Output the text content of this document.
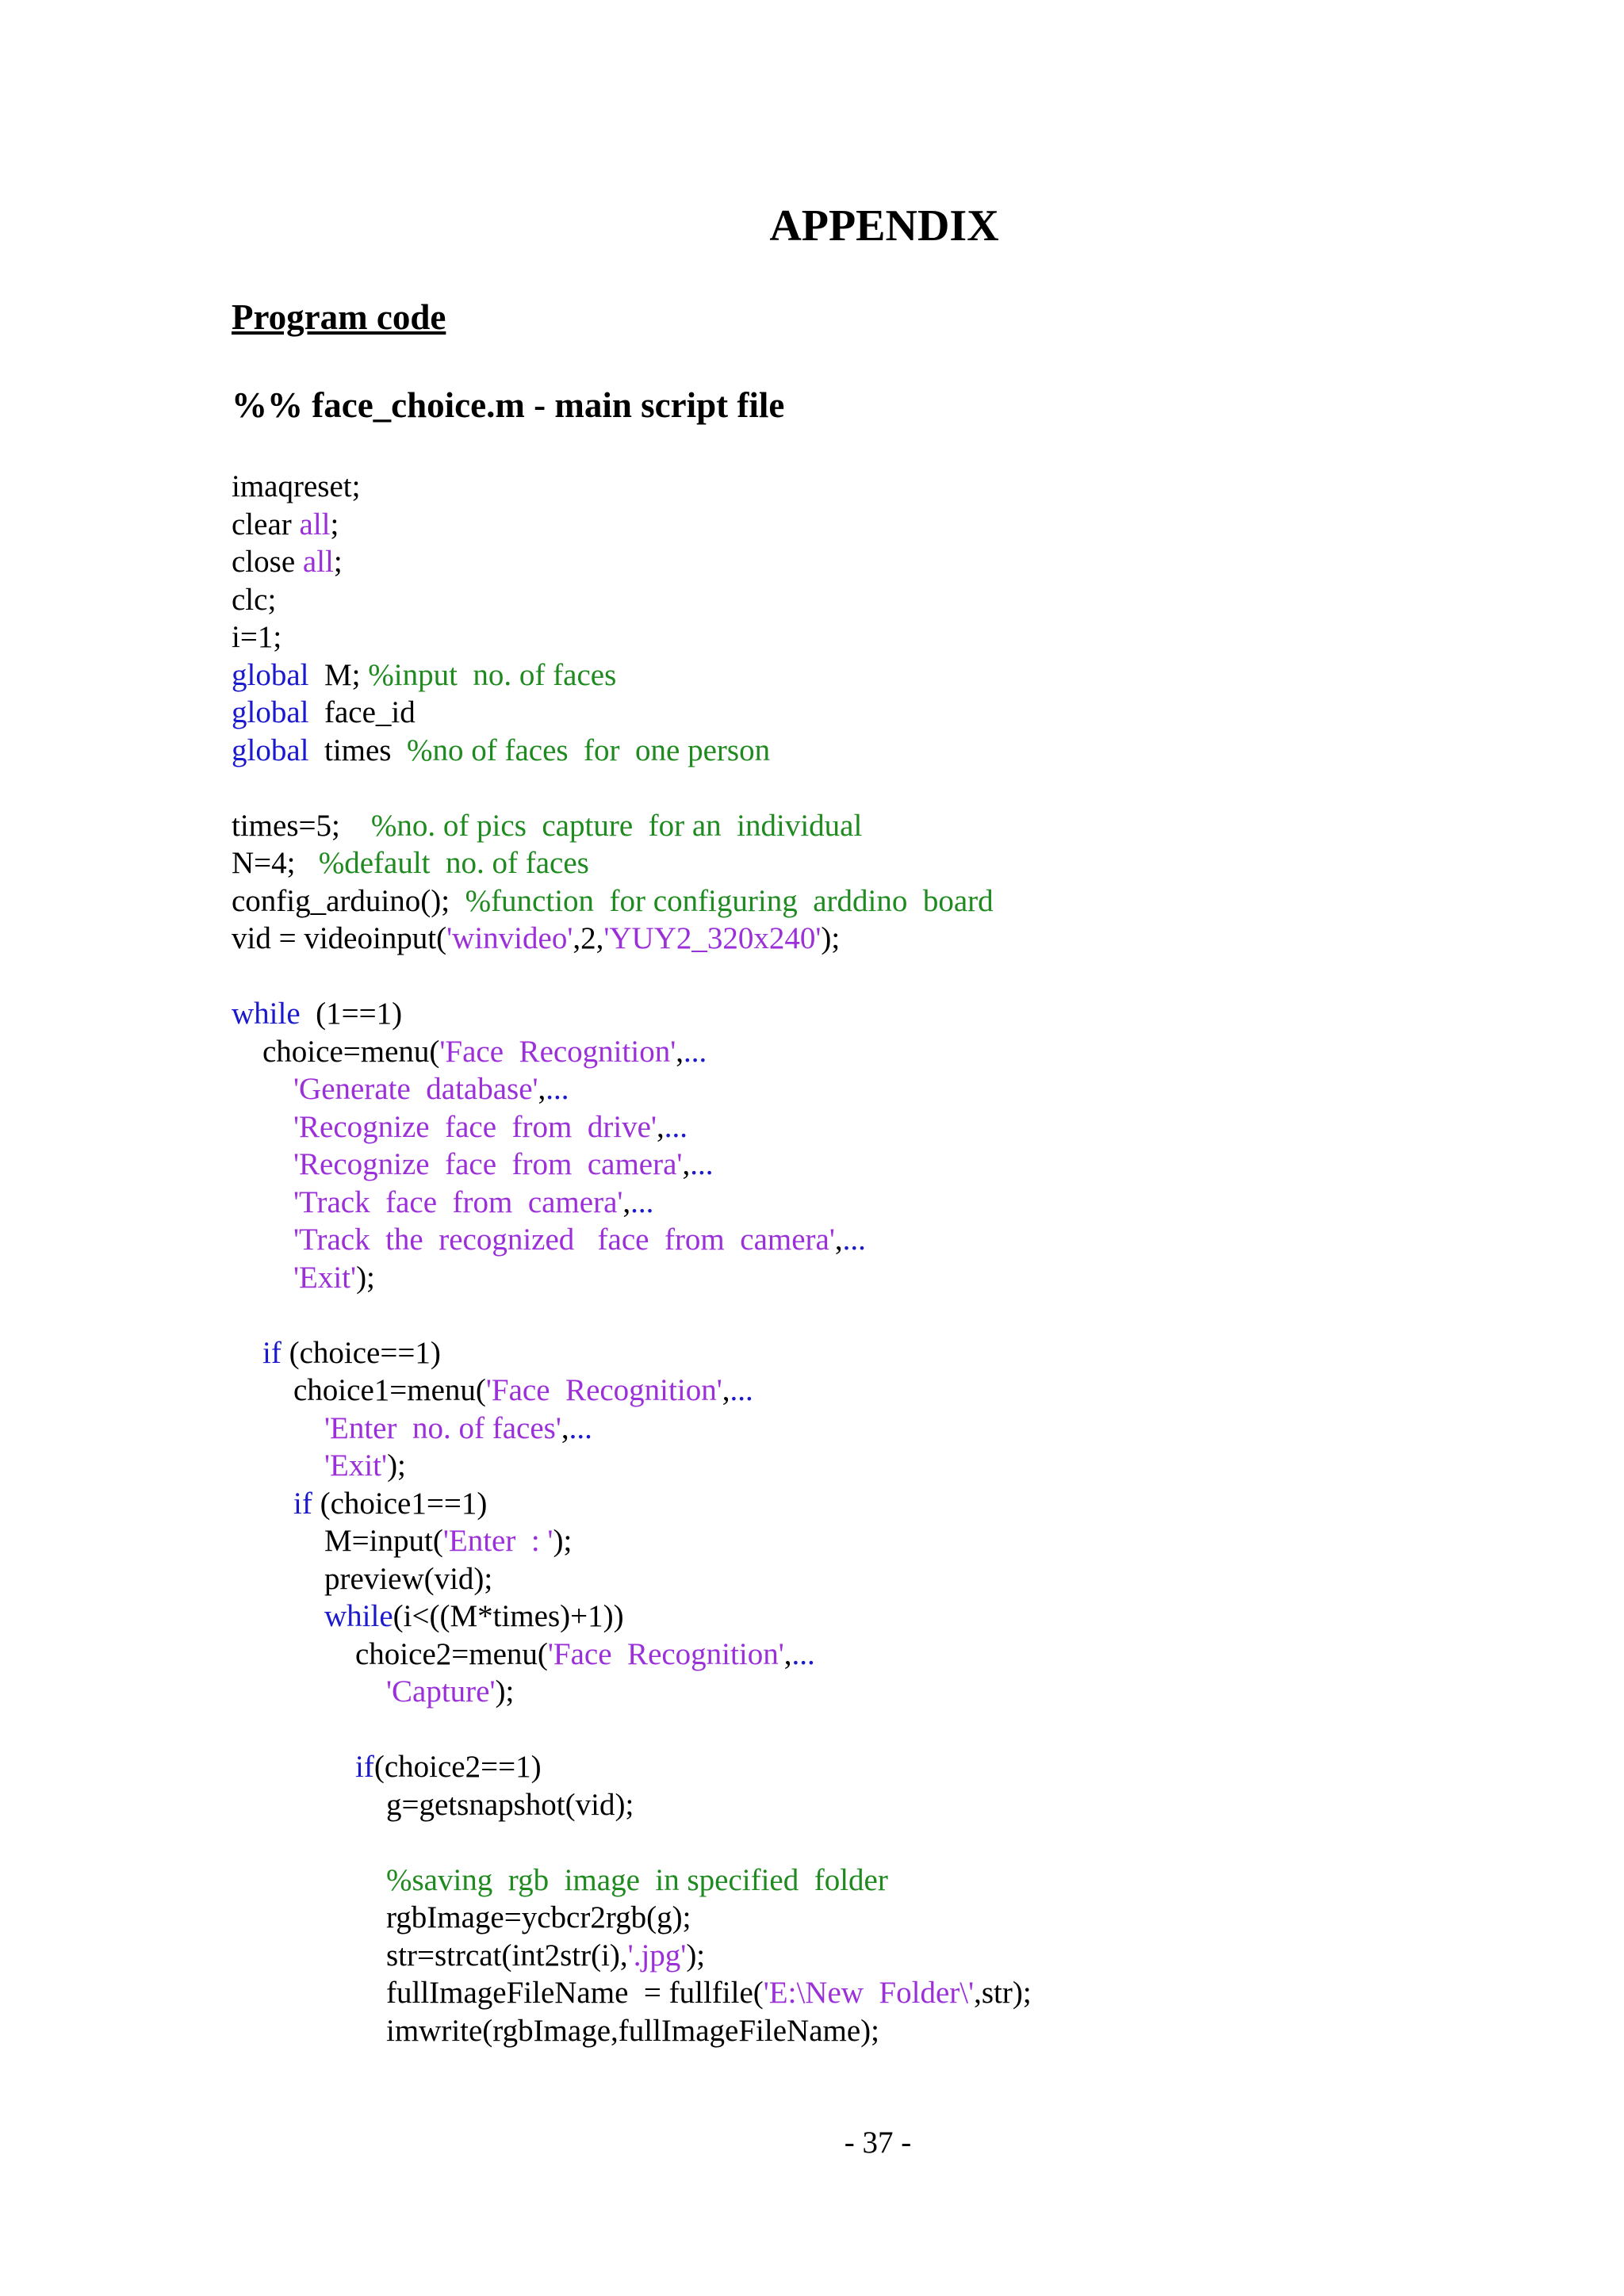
APPENDIX
Program code
%% face_choice.m - main script file
imaqreset;
clear all;
close all;
clc;
i=1;
global  M; %input  no. of faces
global  face_id
global  times  %no of faces  for  one person

times=5;    %no. of pics  capture  for an  individual
N=4;   %default  no. of faces
config_arduino();  %function  for configuring  arddino  board
vid = videoinput('winvideo',2,'YUY2_320x240');

while  (1==1)
choice=menu('Face  Recognition',...
'Generate  database',...
'Recognize  face  from  drive',...
'Recognize  face  from  camera',...
'Track  face  from  camera',...
'Track  the  recognized   face  from  camera',...
'Exit');

if (choice==1)
choice1=menu('Face  Recognition',...
'Enter  no. of faces',...
'Exit');
if (choice1==1)
M=input('Enter  : ');
preview(vid);
while(i<((M*times)+1))
choice2=menu('Face  Recognition',...
'Capture');

if(choice2==1)
g=getsnapshot(vid);

%saving  rgb  image  in specified  folder
rgbImage=ycbcr2rgb(g);
str=strcat(int2str(i),'.jpg');
fullImageFileName  = fullfile('E:\New  Folder\',str);
imwrite(rgbImage,fullImageFileName);
- 37 -
